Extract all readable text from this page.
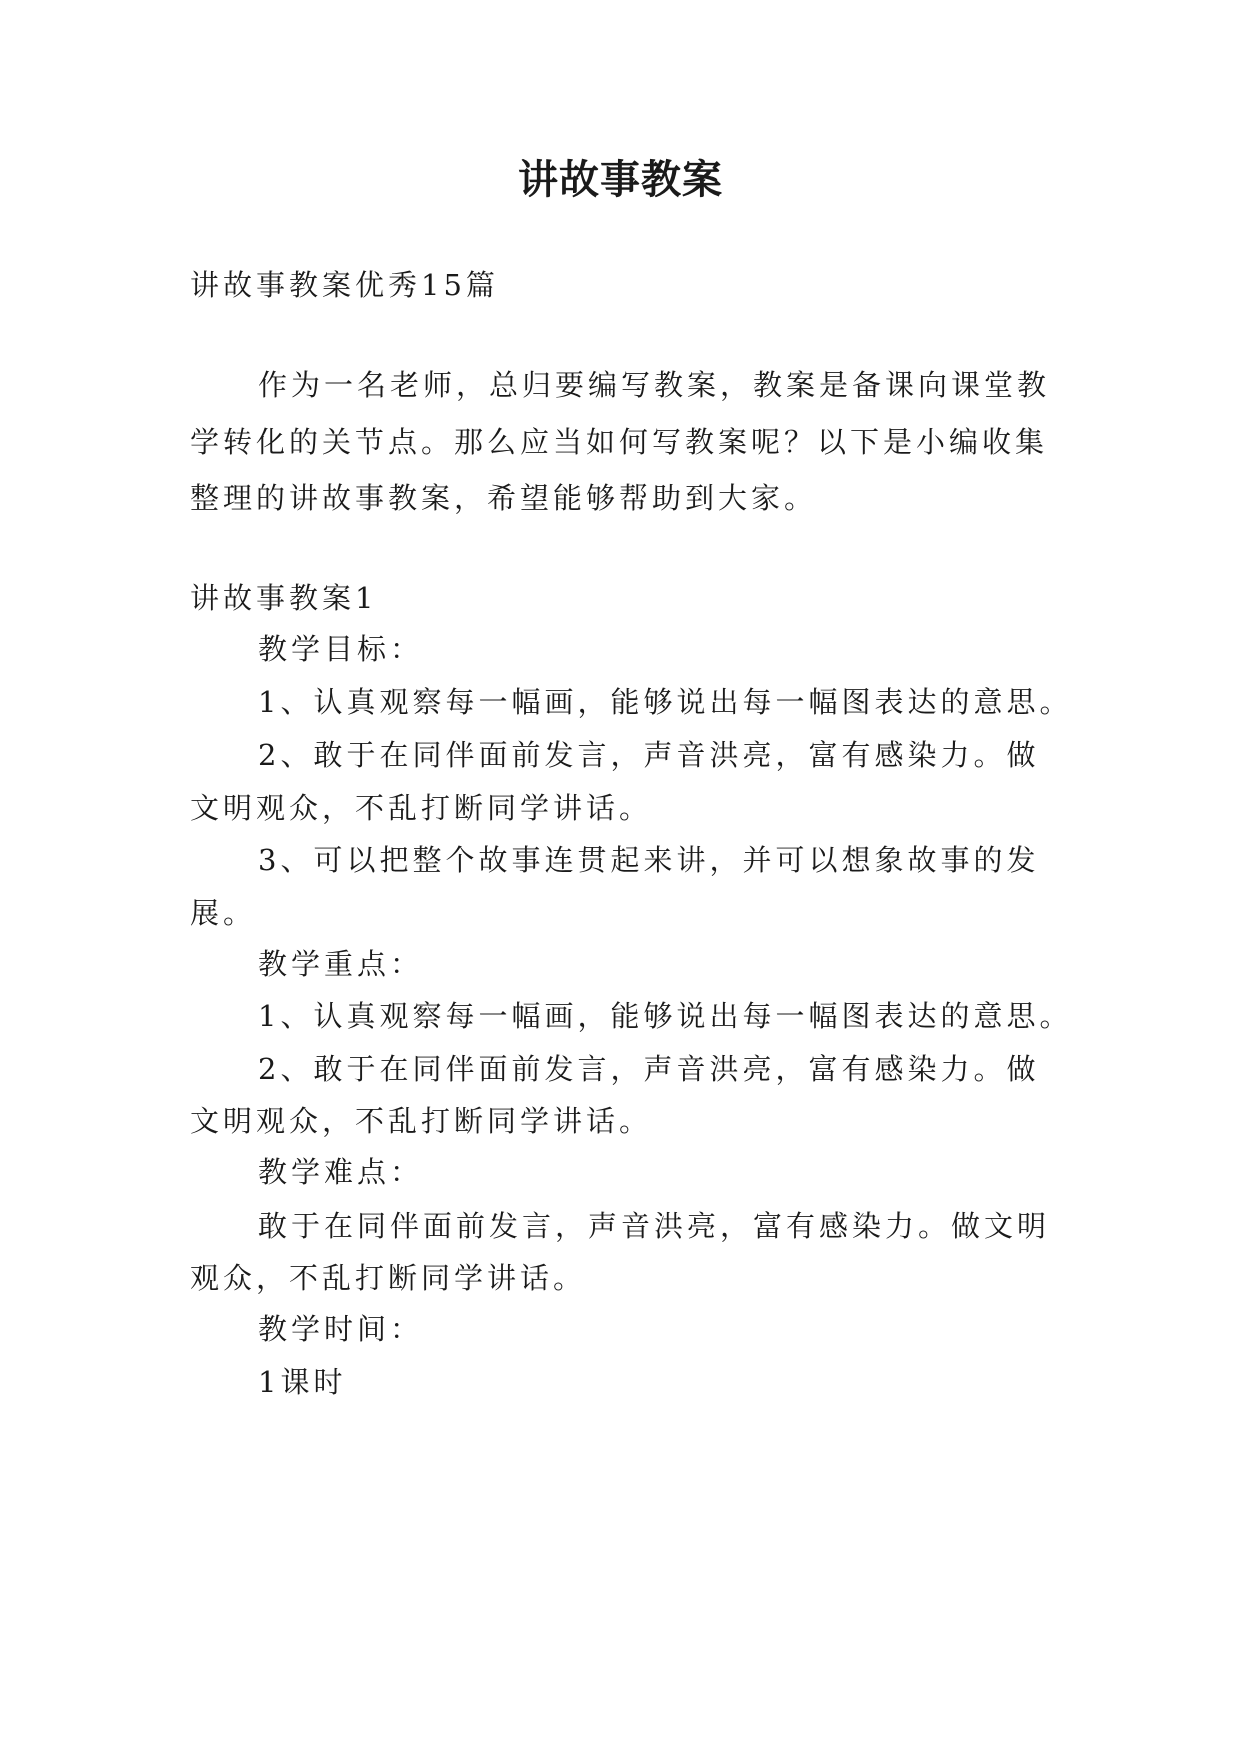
讲故事教案

讲故事教案优秀15篇

作为一名老师，总归要编写教案，教案是备课向课堂教

学转化的关节点。那么应当如何写教案呢？以下是小编收集

整理的讲故事教案，希望能够帮助到大家。

讲故事教案1

教学目标：

1、认真观察每一幅画，能够说出每一幅图表达的意思。

2、敢于在同伴面前发言，声音洪亮，富有感染力。做

文明观众，不乱打断同学讲话。

3、可以把整个故事连贯起来讲，并可以想象故事的发

展。

教学重点：

1、认真观察每一幅画，能够说出每一幅图表达的意思。

2、敢于在同伴面前发言，声音洪亮，富有感染力。做

文明观众，不乱打断同学讲话。

教学难点：

敢于在同伴面前发言，声音洪亮，富有感染力。做文明

观众，不乱打断同学讲话。

教学时间：

1课时
